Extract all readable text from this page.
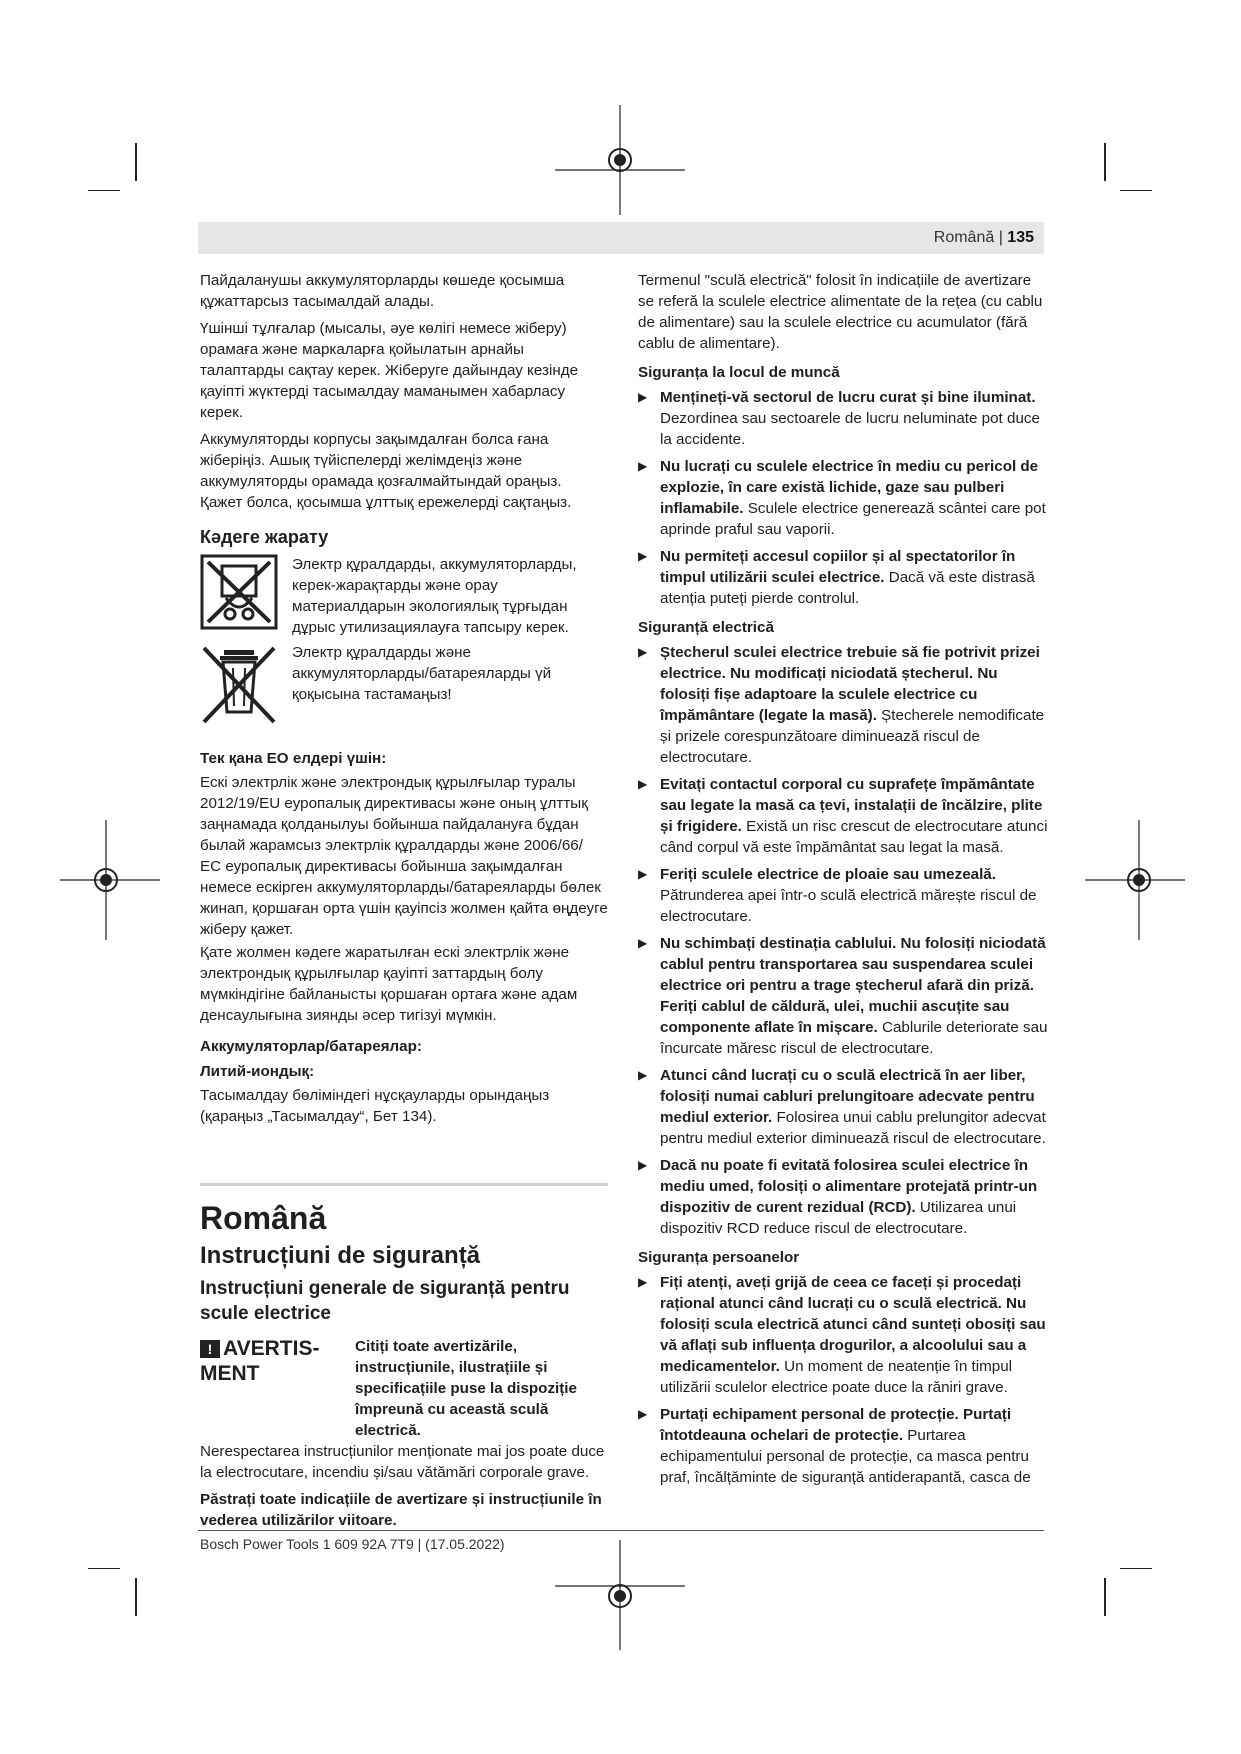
Română | 135

Пайдаланушы аккумуляторларды көшеде қосымша құжаттарсыз тасымалдай алады.

Үшінші тұлғалар (мысалы, әуе көлігі немесе жіберу) орамаға және маркаларға қойылатын арнайы талаптарды сақтау керек. Жіберуге дайындау кезінде қауіпті жүктерді тасымалдау маманымен хабарласу керек.

Аккумуляторды корпусы зақымдалған болса ғана жіберіңіз. Ашық түйіспелерді желімдеңіз және аккумуляторды орамада қозғалмайтындай ораңыз. Қажет болса, қосымша ұлттық ережелерді сақтаңыз.

Кәдеге жарату
Электр құралдарды, аккумуляторларды, керек-жарақтарды және орау материалдарын экологиялық тұрғыдан дұрыс утилизациялауға тапсыру керек.
Электр құралдарды және аккумуляторларды/батареяларды үй қоқысына тастамаңыз!
Тек қана ЕО елдері үшін:

Ескі электрлік және электрондық құрылғылар туралы 2012/19/EU еуропалық директивасы және оның ұлттық заңнамада қолданылуы бойынша пайдалануға бұдан былай жарамсыз электрлік құралдарды және 2006/66/ ЕС еуропалық директивасы бойынша зақымдалған немесе ескірген аккумуляторларды/батареяларды бөлек жинап, қоршаған орта үшін қауіпсіз жолмен қайта өңдеуге жіберу қажет.

Қате жолмен кәдеге жаратылған ескі электрлік және электрондық құрылғылар қауіпті заттардың болу мүмкіндігіне байланысты қоршаған ортаға және адам денсаулығына зиянды әсер тигізуі мүмкін.

Аккумуляторлар/батареялар:
Литий-иондық:

Тасымалдау бөліміндегі нұсқауларды орындаңыз (қараңыз „Тасымалдау“, Бет 134).

Română
Instrucțiuni de siguranță
Instrucțiuni generale de siguranță pentru scule electrice
! AVERTIS-MENT
Citiți toate avertizările, instrucțiunile, ilustrațiile și specificațiile puse la dispoziție împreună cu această sculă electrică.

Nerespectarea instrucțiunilor menționate mai jos poate duce la electrocutare, incendiu și/sau vătămări corporale grave.

Păstrați toate indicațiile de avertizare și instrucțiunile în vederea utilizărilor viitoare.

Termenul "sculă electrică" folosit în indicațiile de avertizare se referă la sculele electrice alimentate de la rețea (cu cablu de alimentare) sau la sculele electrice cu acumulator (fără cablu de alimentare).

Siguranța la locul de muncă
▶ Mențineți-vă sectorul de lucru curat și bine iluminat. Dezordinea sau sectoarele de lucru neluminate pot duce la accidente.
▶ Nu lucrați cu sculele electrice în mediu cu pericol de explozie, în care există lichide, gaze sau pulberi inflamabile. Sculele electrice generează scântei care pot aprinde praful sau vaporii.
▶ Nu permiteți accesul copiilor și al spectatorilor în timpul utilizării sculei electrice. Dacă vă este distrasă atenția puteți pierde controlul.
Siguranță electrică
▶ Ștecherul sculei electrice trebuie să fie potrivit prizei electrice. Nu modificați niciodată ștecherul. Nu folosiți fișe adaptoare la sculele electrice cu împământare (legate la masă). Ștecherele nemodificate și prizele corespunzătoare diminuează riscul de electrocutare.
▶ Evitați contactul corporal cu suprafețe împământate sau legate la masă ca țevi, instalații de încălzire, plite și frigidere. Există un risc crescut de electrocutare atunci când corpul vă este împământat sau legat la masă.
▶ Feriți sculele electrice de ploaie sau umezeală. Pătrunderea apei într-o sculă electrică mărește riscul de electrocutare.
▶ Nu schimbați destinația cablului. Nu folosiți niciodată cablul pentru transportarea sau suspendarea sculei electrice ori pentru a trage ștecherul afară din priză. Feriți cablul de căldură, ulei, muchii ascuțite sau componente aflate în mișcare. Cablurile deteriorate sau încurcate măresc riscul de electrocutare.
▶ Atunci când lucrați cu o sculă electrică în aer liber, folosiți numai cabluri prelungitoare adecvate pentru mediul exterior. Folosirea unui cablu prelungitor adecvat pentru mediul exterior diminuează riscul de electrocutare.
▶ Dacă nu poate fi evitată folosirea sculei electrice în mediu umed, folosiți o alimentare protejată printr-un dispozitiv de curent rezidual (RCD). Utilizarea unui dispozitiv RCD reduce riscul de electrocutare.
Siguranța persoanelor
▶ Fiți atenți, aveți grijă de ceea ce faceți și procedați rațional atunci când lucrați cu o sculă electrică. Nu folosiți scula electrică atunci când sunteți obosiți sau vă aflați sub influența drogurilor, a alcoolului sau a medicamentelor. Un moment de neatenție în timpul utilizării sculelor electrice poate duce la răniri grave.
▶ Purtați echipament personal de protecție. Purtați întotdeauna ochelari de protecție. Purtarea echipamentului personal de protecție, ca masca pentru praf, încălțăminte de siguranță antiderapantă, casca de
Bosch Power Tools 1 609 92A 7T9 | (17.05.2022)
